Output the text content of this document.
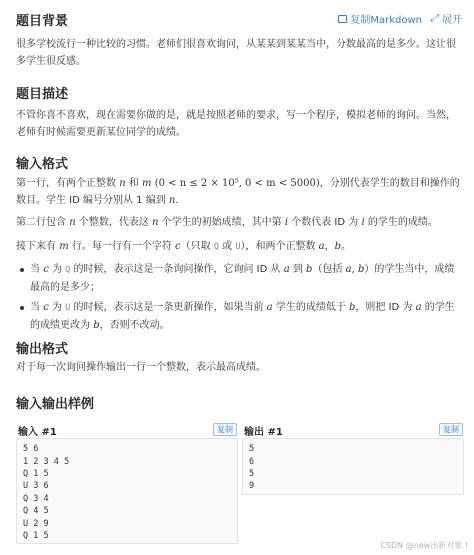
复制Markdown ⤢ 展开
题目背景

很多学校流行一种比较的习惯。老师们很喜欢询问，从某某到某某当中，分数最高的是多少。这让很多学生很反感。

题目描述

不管你喜不喜欢，现在需要你做的是，就是按照老师的要求，写一个程序，模拟老师的询问。当然，老师有时候需要更新某位同学的成绩。

输入格式

第一行，有两个正整数 n 和 m (0 < n ≤ 2 × 10⁵, 0 < m < 5000)，分别代表学生的数目和操作的数目。学生 ID 编号分别从 1 编到 n.

第二行包含 n 个整数，代表这 n 个学生的初始成绩，其中第 i 个数代表 ID 为 i 的学生的成绩。

接下来有 m 行。每一行有一个字符 c（只取 Q 或 U），和两个正整数 a，b。

当 c 为 Q 的时候，表示这是一条询问操作，它询问 ID 从 a 到 b（包括 a, b）的学生当中，成绩最高的是多少；
当 c 为 U 的时候，表示这是一条更新操作，如果当前 a 学生的成绩低于 b，则把 ID 为 a 的学生的成绩更改为 b，否则不改动。
输出格式

对于每一次询问操作输出一行一个整数，表示最高成绩。

输入输出样例
输入 #1	复制
5 6
1 2 3 4 5
Q 1 5
U 3 6
Q 3 4
Q 4 5
U 2 9
Q 1 5
输出 #1	复制
5
6
5
9
CSDN @new出新对象 !
